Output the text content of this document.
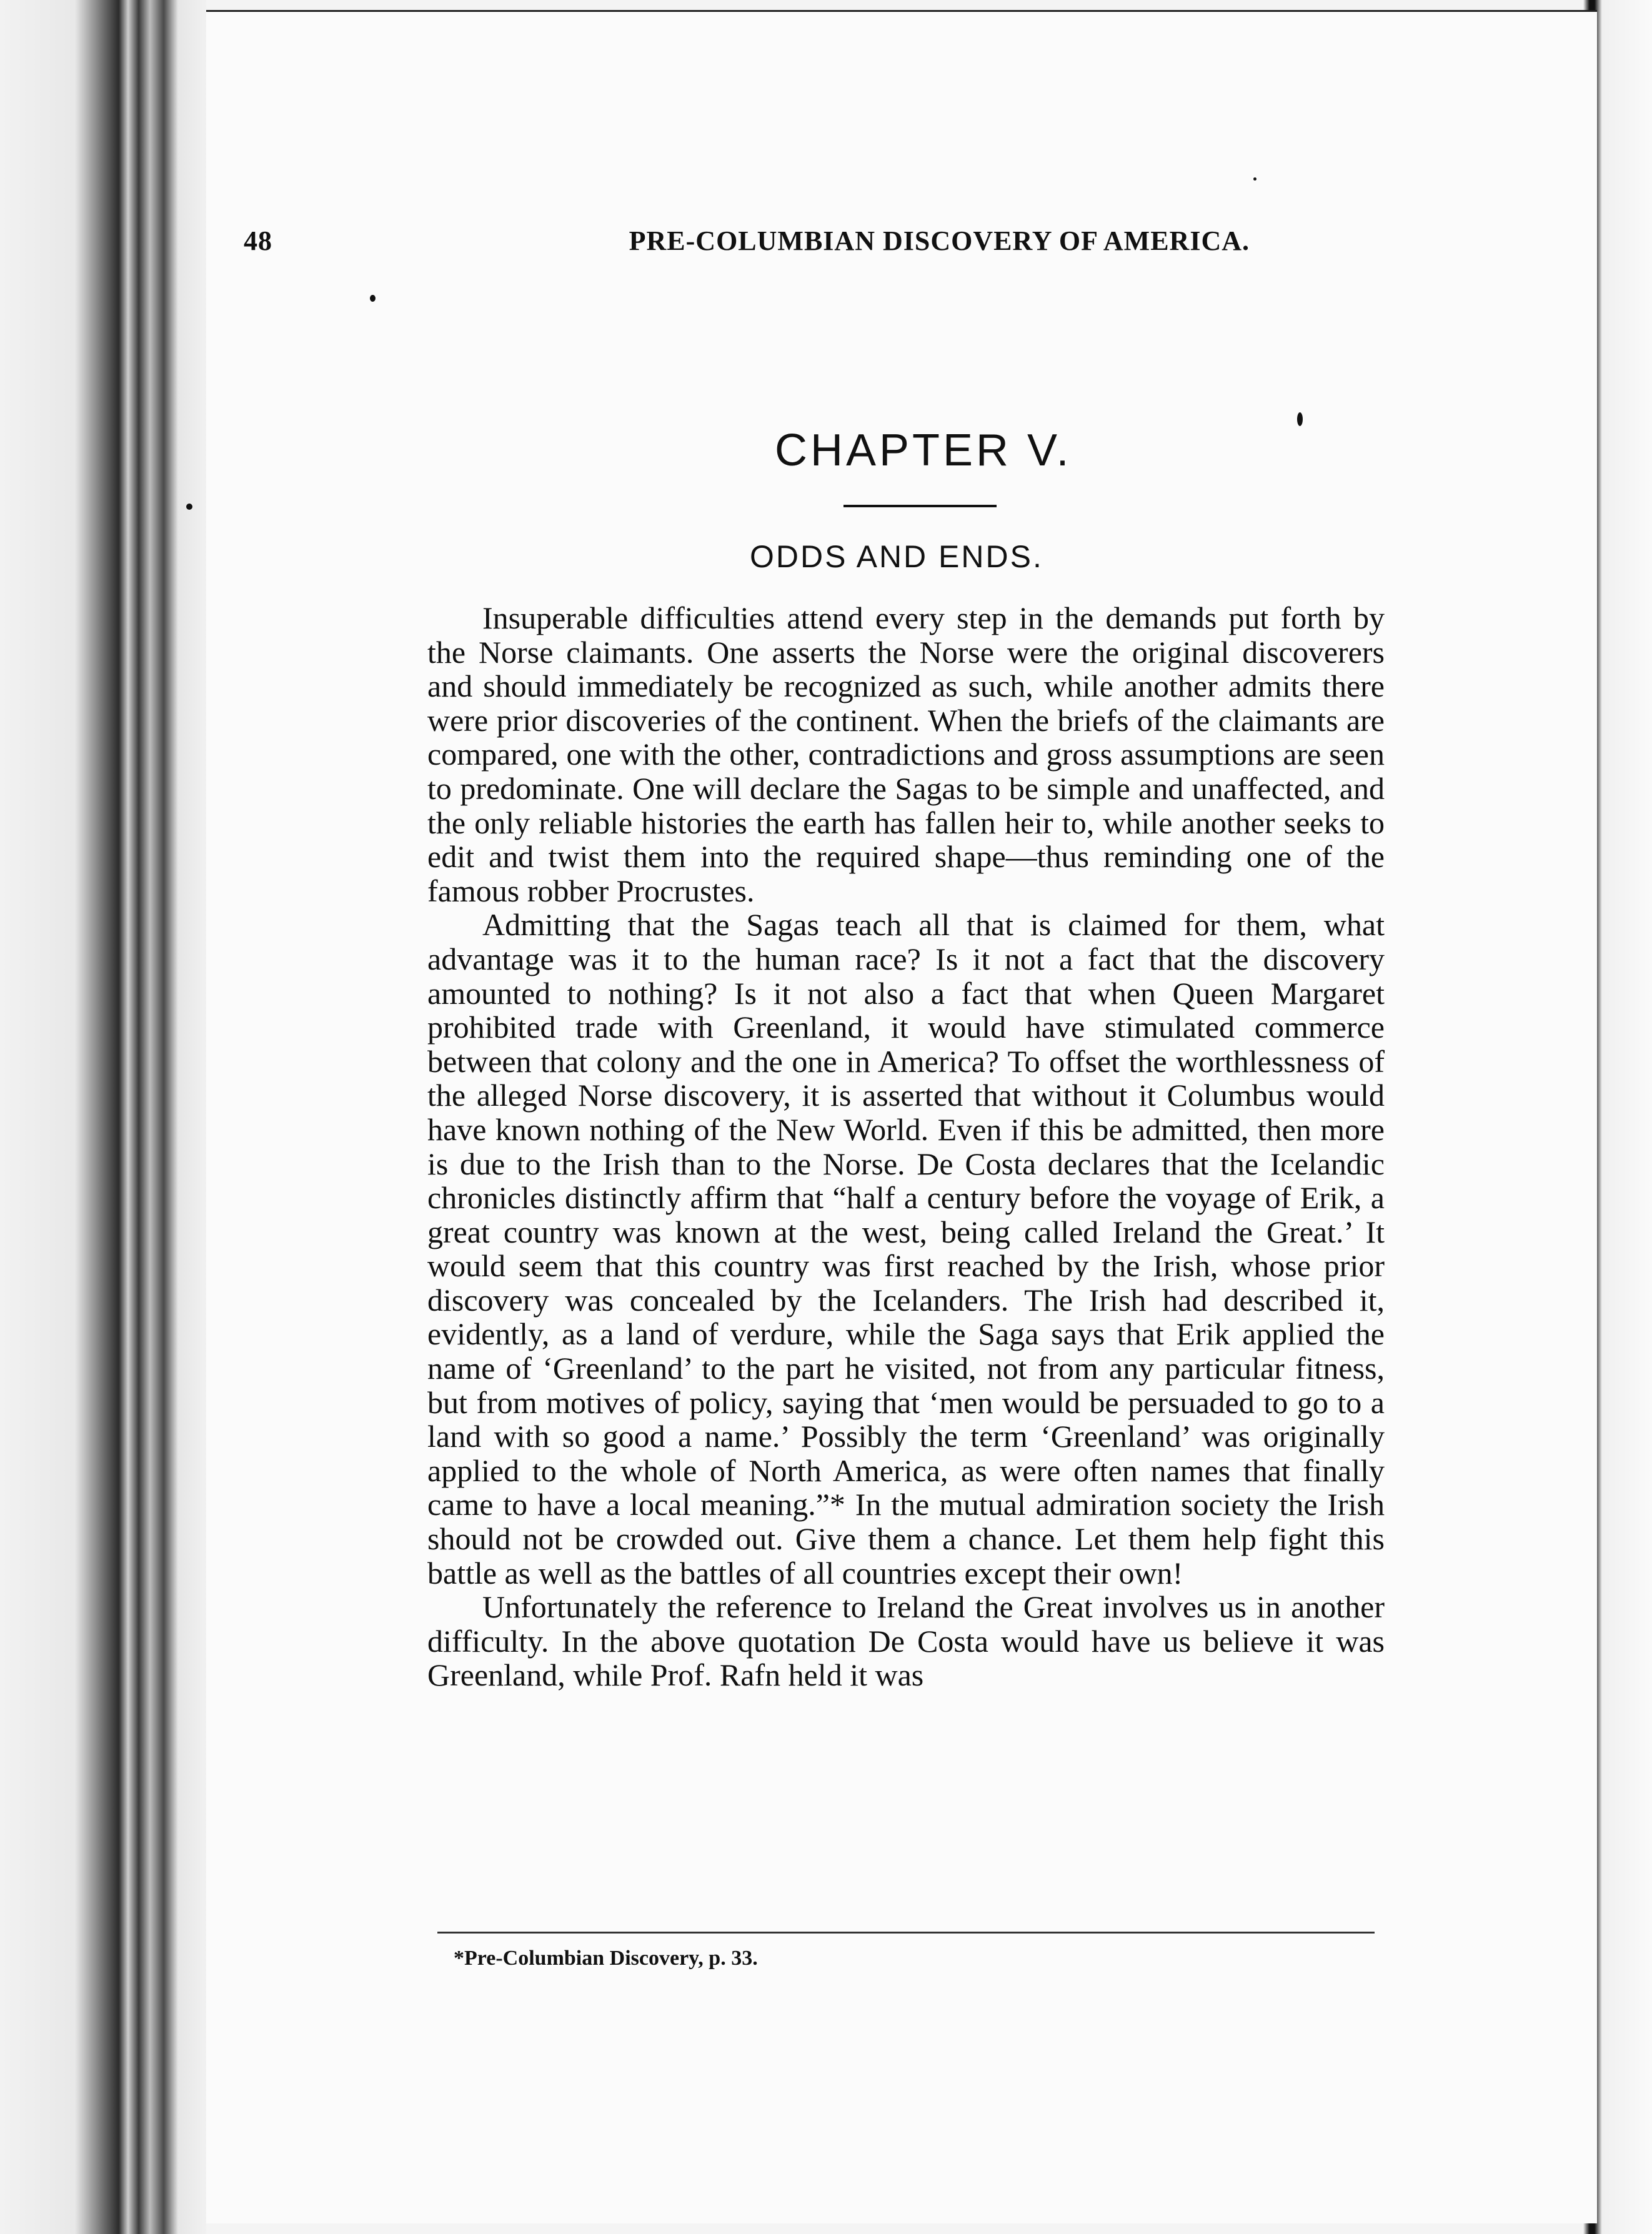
48	PRE-COLUMBIAN DISCOVERY OF AMERICA.
CHAPTER V.
ODDS AND ENDS.

Insuperable difficulties attend every step in the demands put forth by the Norse claimants. One asserts the Norse were the original discoverers and should immediately be recognized as such, while another admits there were prior discoveries of the continent. When the briefs of the claimants are compared, one with the other, contradictions and gross assumptions are seen to predominate. One will declare the Sagas to be simple and unaffected, and the only reliable histories the earth has fallen heir to, while another seeks to edit and twist them into the required shape—thus reminding one of the famous robber Procrustes.

Admitting that the Sagas teach all that is claimed for them, what advantage was it to the human race? Is it not a fact that the discovery amounted to nothing? Is it not also a fact that when Queen Margaret prohibited trade with Greenland, it would have stimulated commerce between that colony and the one in America? To offset the worthlessness of the alleged Norse discovery, it is asserted that without it Columbus would have known nothing of the New World. Even if this be admitted, then more is due to the Irish than to the Norse. De Costa declares that the Icelandic chronicles distinctly affirm that “half a century before the voyage of Erik, a great country was known at the west, being called Ireland the Great.’ It would seem that this country was first reached by the Irish, whose prior discovery was concealed by the Icelanders. The Irish had described it, evidently, as a land of verdure, while the Saga says that Erik applied the name of ‘Greenland’ to the part he visited, not from any particular fitness, but from motives of policy, saying that ‘men would be persuaded to go to a land with so good a name.’ Possibly the term ‘Greenland’ was originally applied to the whole of North America, as were often names that finally came to have a local meaning.”* In the mutual admiration society the Irish should not be crowded out. Give them a chance. Let them help fight this battle as well as the battles of all countries except their own!

Unfortunately the reference to Ireland the Great involves us in another difficulty. In the above quotation De Costa would have us believe it was Greenland, while Prof. Rafn held it was

*Pre-Columbian Discovery, p. 33.
